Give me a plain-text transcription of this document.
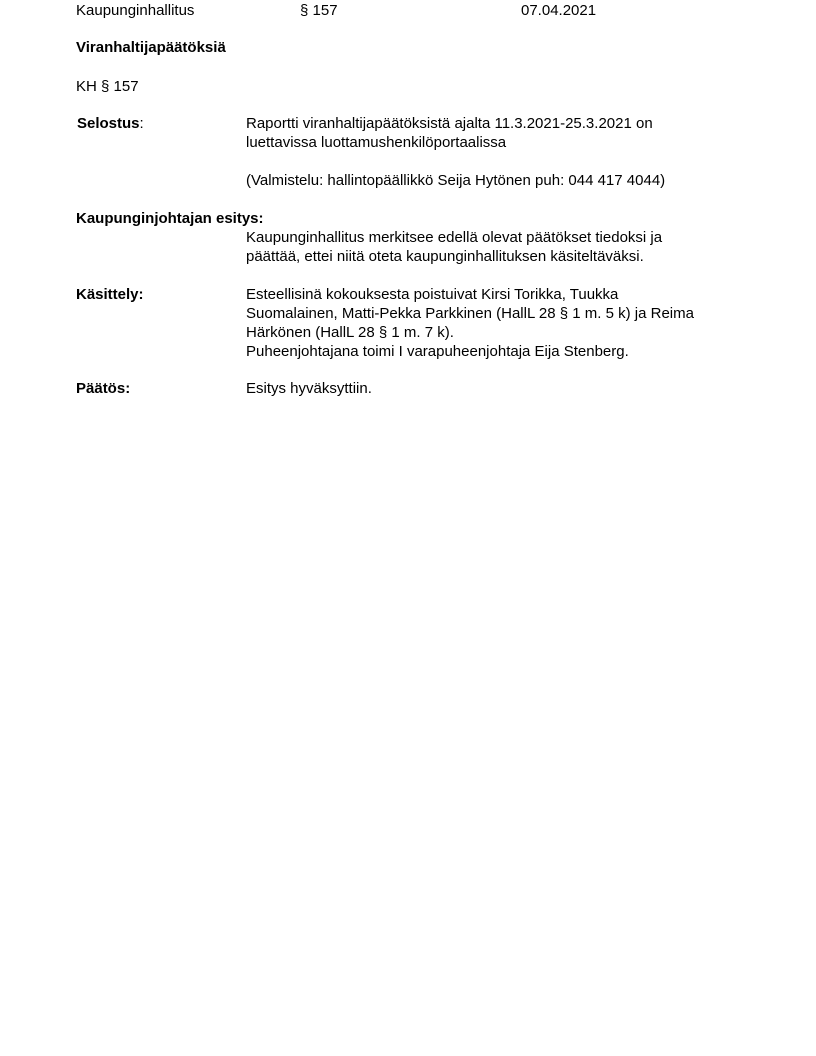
Kaupunginhallitus	§ 157	07.04.2021
Viranhaltijapäätöksiä
KH § 157
Selostus:	Raportti viranhaltijapäätöksistä ajalta 11.3.2021-25.3.2021 on
luettavissa luottamushenkilöportaalissa
(Valmistelu: hallintopäällikkö Seija Hytönen puh: 044 417 4044)
Kaupunginjohtajan esitys:
Kaupunginhallitus merkitsee edellä olevat päätökset tiedoksi ja
päättää, ettei niitä oteta kaupunginhallituksen käsiteltäväksi.
Käsittely:	Esteellisinä kokouksesta poistuivat Kirsi Torikka, Tuukka
Suomalainen, Matti-Pekka Parkkinen (HallL 28 § 1 m. 5 k) ja Reima
Härkönen (HallL 28 § 1 m. 7 k).
Puheenjohtajana toimi I varapuheenjohtaja Eija Stenberg.
Päätös:	Esitys hyväksyttiin.
